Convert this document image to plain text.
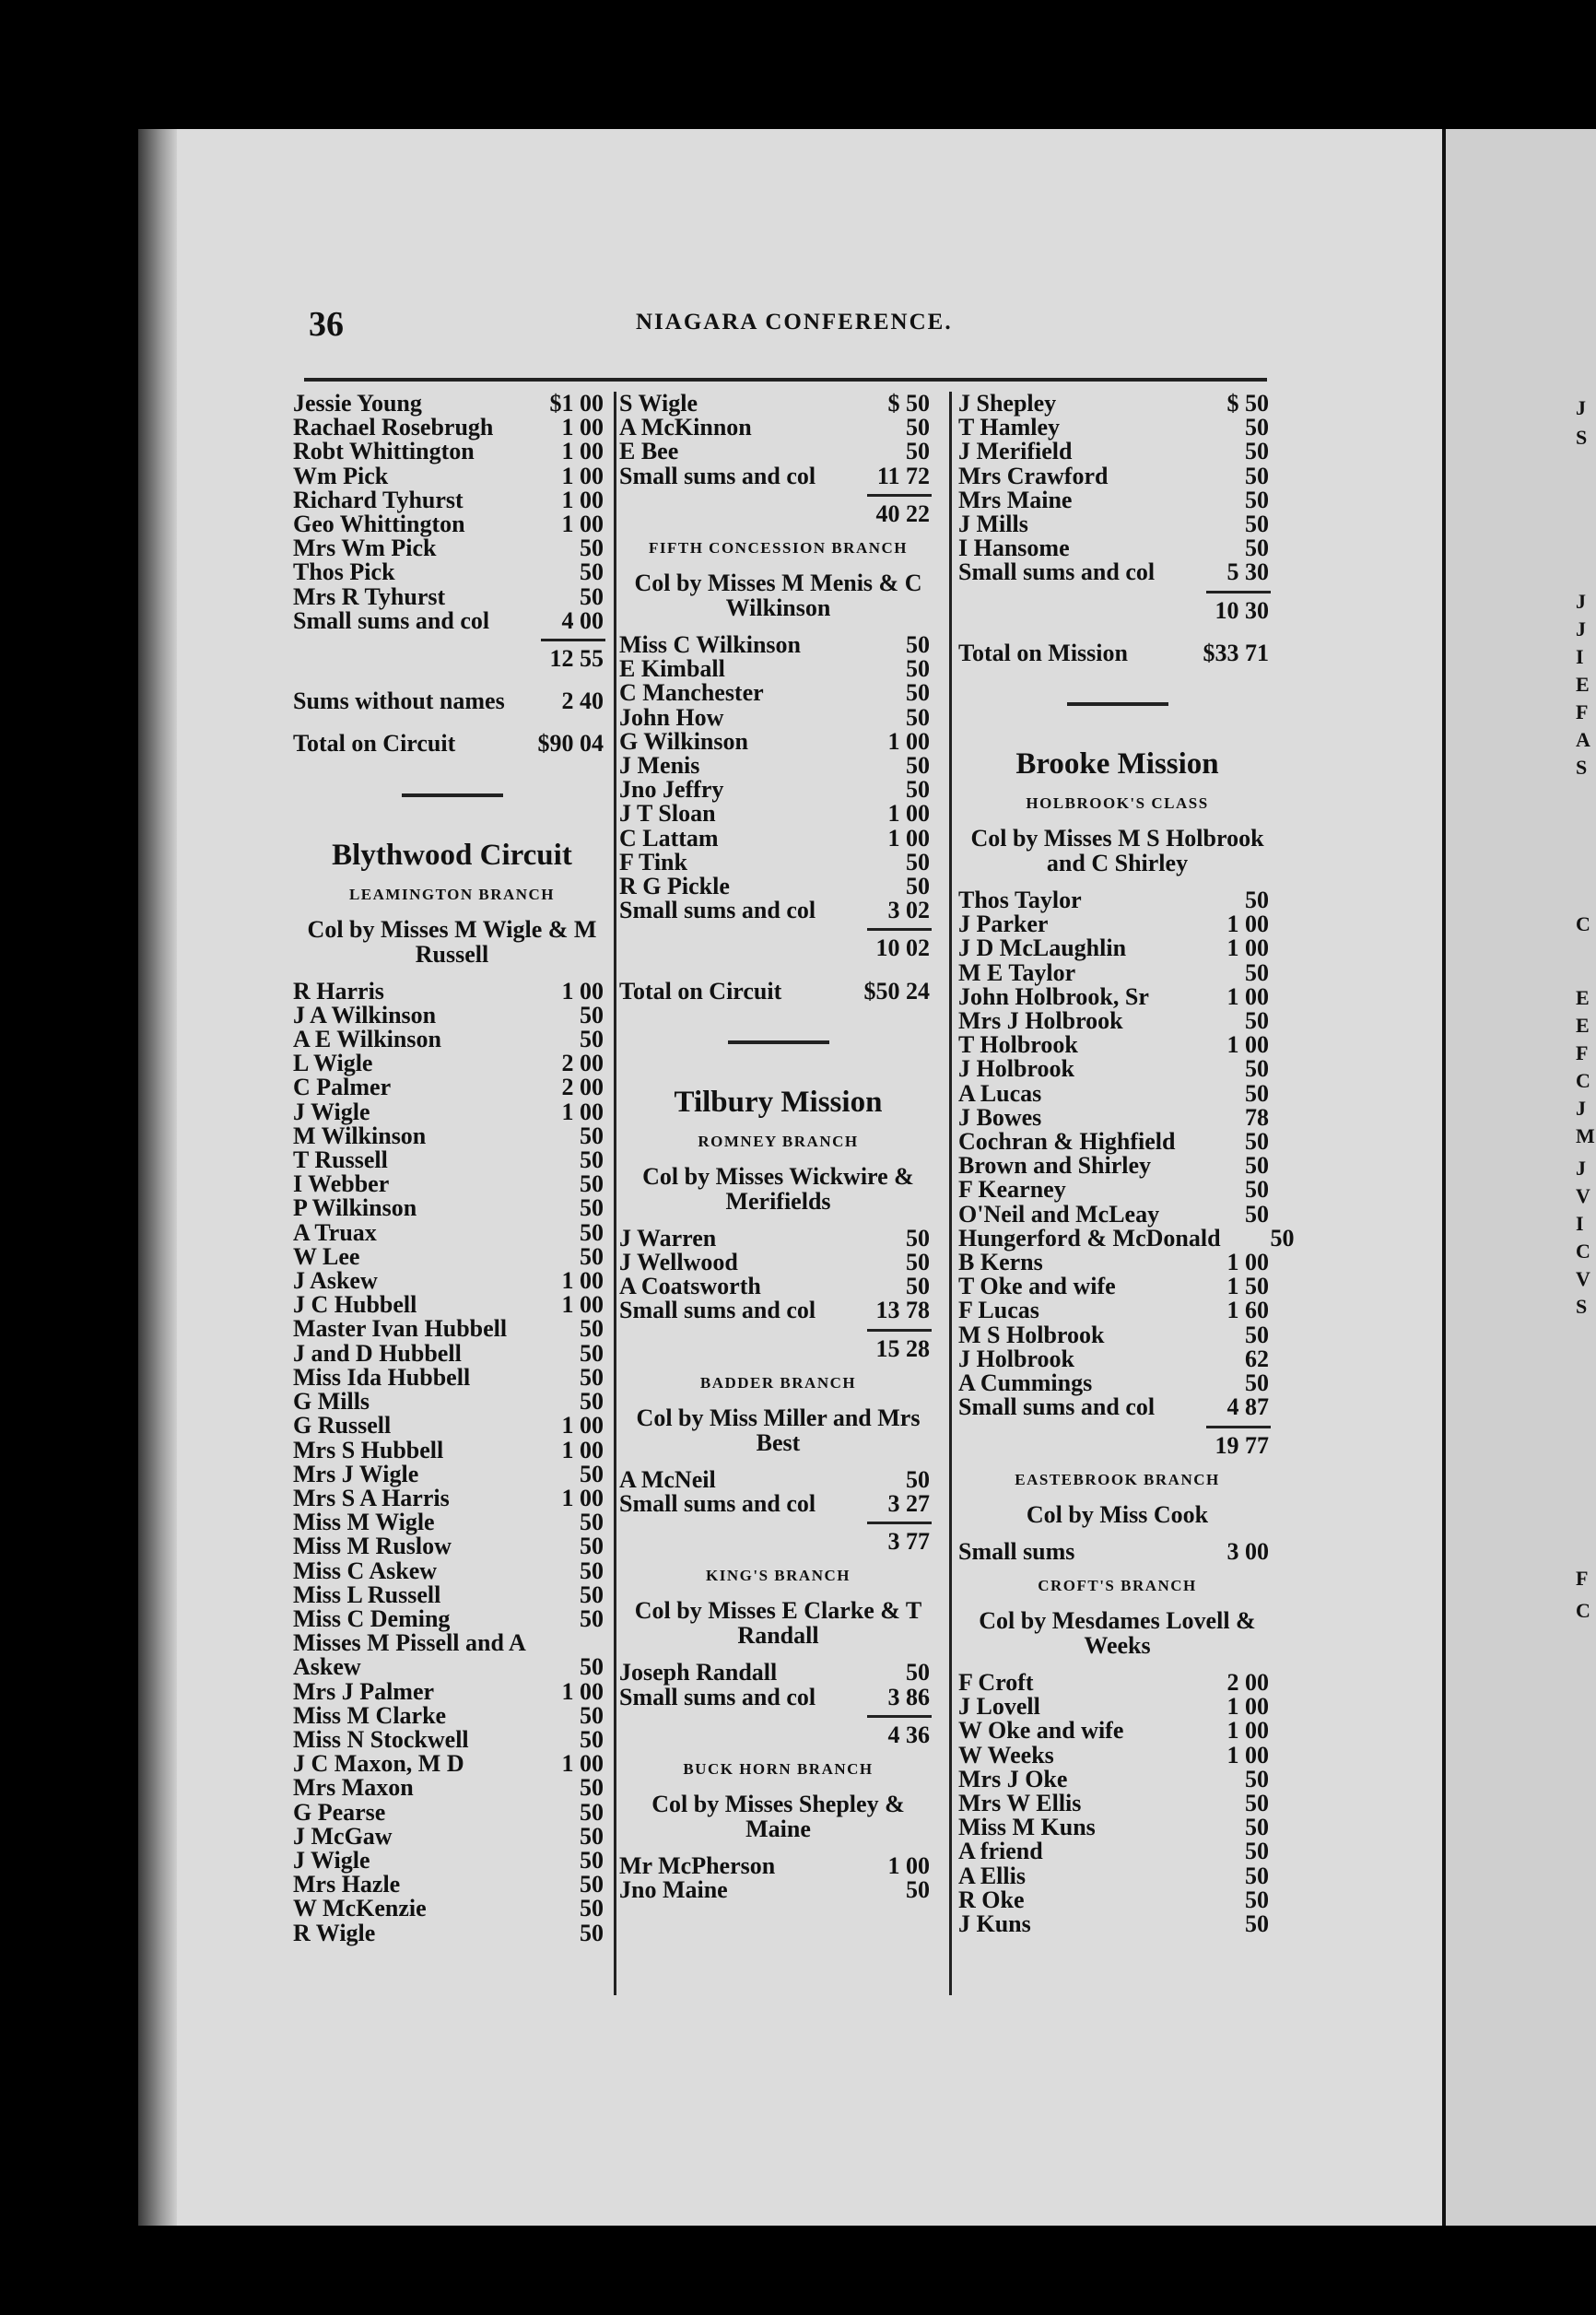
J
S
J
J
I
E
F
A
S
C
E
E
F
C
J
M
J
V
I
C
V
S
F
C
36	NIAGARA CONFERENCE.
Jessie Young	$1 00
Rachael Rosebrugh	1 00
Robt Whittington	1 00
Wm Pick	1 00
Richard Tyhurst	1 00
Geo Whittington	1 00
Mrs Wm Pick	50
Thos Pick	50
Mrs R Tyhurst	50
Small sums and col	4 00
12 55
Sums without names	2 40
Total on Circuit	$90 04
Blythwood Circuit
LEAMINGTON BRANCH
Col by Misses M Wigle & M Russell
R Harris	1 00
J A Wilkinson	50
A E Wilkinson	50
L Wigle	2 00
C Palmer	2 00
J Wigle	1 00
M Wilkinson	50
T Russell	50
I Webber	50
P Wilkinson	50
A Truax	50
W Lee	50
J Askew	1 00
J C Hubbell	1 00
Master Ivan Hubbell	50
J and D Hubbell	50
Miss Ida Hubbell	50
G Mills	50
G Russell	1 00
Mrs S Hubbell	1 00
Mrs J Wigle	50
Mrs S A Harris	1 00
Miss M Wigle	50
Miss M Ruslow	50
Miss C Askew	50
Miss L Russell	50
Miss C Deming	50
Misses M Pissell and A
Askew	50
Mrs J Palmer	1 00
Miss M Clarke	50
Miss N Stockwell	50
J C Maxon, M D	1 00
Mrs Maxon	50
G Pearse	50
J McGaw	50
J Wigle	50
Mrs Hazle	50
W McKenzie	50
R Wigle	50
S Wigle	$ 50
A McKinnon	50
E Bee	50
Small sums and col	11 72
40 22
FIFTH CONCESSION BRANCH
Col by Misses M Menis & C Wilkinson
Miss C Wilkinson	50
E Kimball	50
C Manchester	50
John How	50
G Wilkinson	1 00
J Menis	50
Jno Jeffry	50
J T Sloan	1 00
C Lattam	1 00
F Tink	50
R G Pickle	50
Small sums and col	3 02
10 02
Total on Circuit	$50 24
Tilbury Mission
ROMNEY BRANCH
Col by Misses Wickwire & Merifields
J Warren	50
J Wellwood	50
A Coatsworth	50
Small sums and col	13 78
15 28
BADDER BRANCH
Col by Miss Miller and Mrs Best
A McNeil	50
Small sums and col	3 27
3 77
KING'S BRANCH
Col by Misses E Clarke & T Randall
Joseph Randall	50
Small sums and col	3 86
4 36
BUCK HORN BRANCH
Col by Misses Shepley & Maine
Mr McPherson	1 00
Jno Maine	50
J Shepley	$ 50
T Hamley	50
J Merifield	50
Mrs Crawford	50
Mrs Maine	50
J Mills	50
I Hansome	50
Small sums and col	5 30
10 30
Total on Mission	$33 71
Brooke Mission
HOLBROOK'S CLASS
Col by Misses M S Holbrook and C Shirley
Thos Taylor	50
J Parker	1 00
J D McLaughlin	1 00
M E Taylor	50
John Holbrook, Sr	1 00
Mrs J Holbrook	50
T Holbrook	1 00
J Holbrook	50
A Lucas	50
J Bowes	78
Cochran & Highfield	50
Brown and Shirley	50
F Kearney	50
O'Neil and McLeay	50
Hungerford & McDonald	50
B Kerns	1 00
T Oke and wife	1 50
F Lucas	1 60
M S Holbrook	50
J Holbrook	62
A Cummings	50
Small sums and col	4 87
19 77
EASTEBROOK BRANCH
Col by Miss Cook
Small sums	3 00
CROFT'S BRANCH
Col by Mesdames Lovell & Weeks
F Croft	2 00
J Lovell	1 00
W Oke and wife	1 00
W Weeks	1 00
Mrs J Oke	50
Mrs W Ellis	50
Miss M Kuns	50
A friend	50
A Ellis	50
R Oke	50
J Kuns	50
